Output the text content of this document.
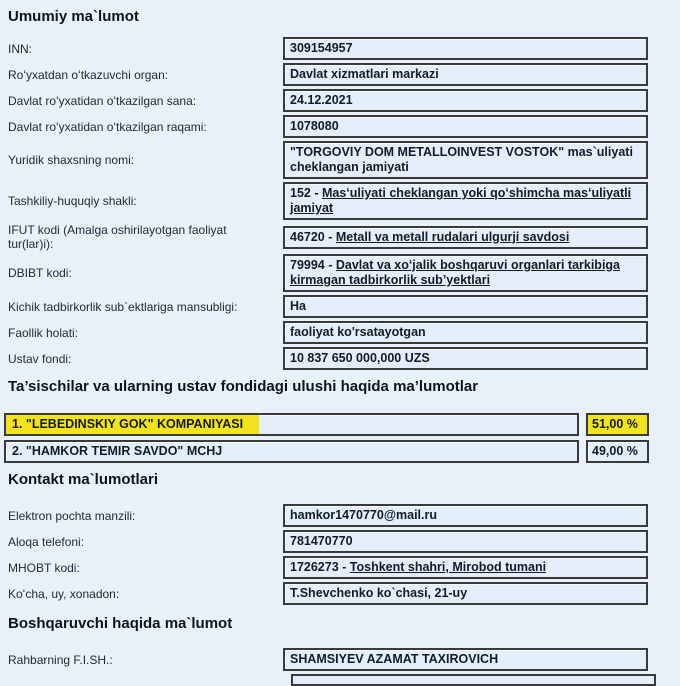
Umumiy ma`lumot
INN:	309154957
Roʻyxatdan oʻtkazuvchi organ:	Davlat xizmatlari markazi
Davlat roʻyxatidan oʻtkazilgan sana:	24.12.2021
Davlat roʻyxatidan oʻtkazilgan raqami:	1078080
Yuridik shaxsning nomi:
"TORGOVIY DOM METALLOINVEST VOSTOK" mas`uliyati cheklangan jamiyati
Tashkiliy-huquqiy shakli:
152 - Masʻuliyati cheklangan yoki qoʻshimcha masʻuliyatli jamiyat
IFUT kodi (Amalga oshirilayotgan faoliyat tur(lar)i):
46720 - Metall va metall rudalari ulgurji savdosi
DBIBT kodi:
79994 - Davlat va xoʻjalik boshqaruvi organlari tarkibiga kirmagan tadbirkorlik sub’yektlari
Kichik tadbirkorlik sub`ektlariga mansubligi:	Ha
Faollik holati:	faoliyat ko'rsatayotgan
Ustav fondi:	10 837 650 000,000 UZS
Ta’sischilar va ularning ustav fondidagi ulushi haqida ma’lumotlar
1. "LEBEDINSKIY GOK" KOMPANIYASI	51,00 %
2. "HAMKOR TEMIR SAVDO" MCHJ	49,00 %
Kontakt ma`lumotlari
Elektron pochta manzili:	hamkor1470770@mail.ru
Aloqa telefoni:	781470770
MHOBT kodi:	1726273 - Toshkent shahri, Mirobod tumani
Koʻcha, uy, xonadon:	T.Shevchenko ko`chasi, 21-uy
Boshqaruvchi haqida ma`lumot
Rahbarning F.I.SH.:	SHAMSIYEV AZAMAT TAXIROVICH
